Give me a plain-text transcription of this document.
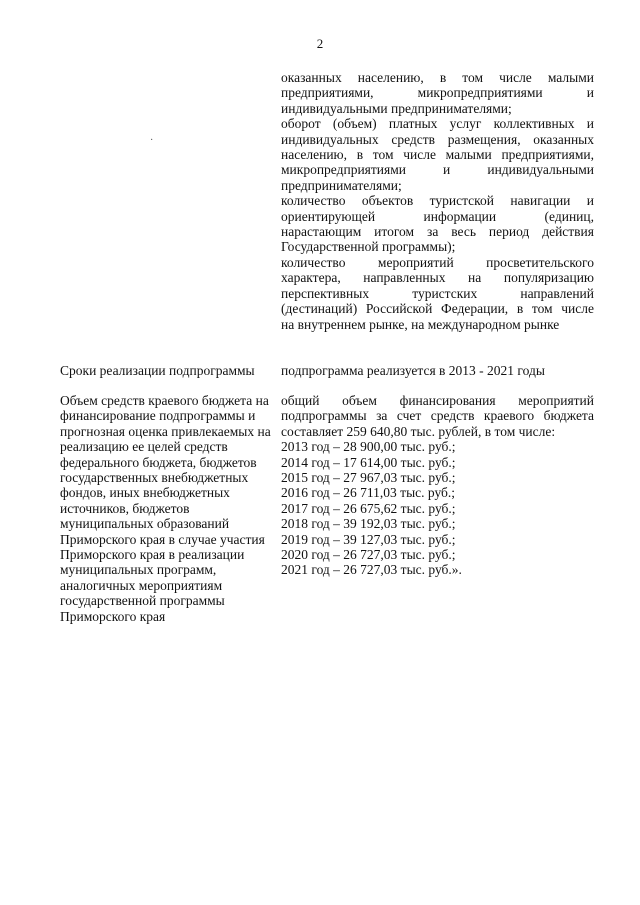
2
·
оказанных населению, в том числе малыми
предприятиями, микропредприятиями и
индивидуальными предпринимателями;
оборот (объем) платных услуг коллективных и
индивидуальных средств размещения, оказанных
населению, в том числе малыми предприятиями,
микропредприятиями и индивидуальными
предпринимателями;
количество объектов туристской навигации и
ориентирующей информации (единиц,
нарастающим итогом за весь период действия
Государственной программы);
количество мероприятий просветительского
характера, направленных на популяризацию
перспективных туристских направлений
(дестинаций) Российской Федерации, в том числе
на внутреннем рынке, на международном рынке
Сроки реализации подпрограммы	подпрограмма реализуется в 2013 - 2021 годы
Объем средств краевого бюджета на финансирование подпрограммы и прогнозная оценка привлекаемых на реализацию ее целей средств федерального бюджета, бюджетов государственных внебюджетных фондов, иных внебюджетных источников, бюджетов муниципальных образований Приморского края в случае участия Приморского края в реализации муниципальных программ, аналогичных мероприятиям государственной программы Приморского края
общий объем финансирования мероприятий
подпрограммы за счет средств краевого бюджета
составляет 259 640,80 тыс. рублей, в том числе:
2013 год – 28 900,00 тыс. руб.;
2014 год – 17 614,00 тыс. руб.;
2015 год – 27 967,03 тыс. руб.;
2016 год – 26 711,03 тыс. руб.;
2017 год – 26 675,62 тыс. руб.;
2018 год – 39 192,03 тыс. руб.;
2019 год – 39 127,03 тыс. руб.;
2020 год – 26 727,03 тыс. руб.;
2021 год – 26 727,03 тыс. руб.».
